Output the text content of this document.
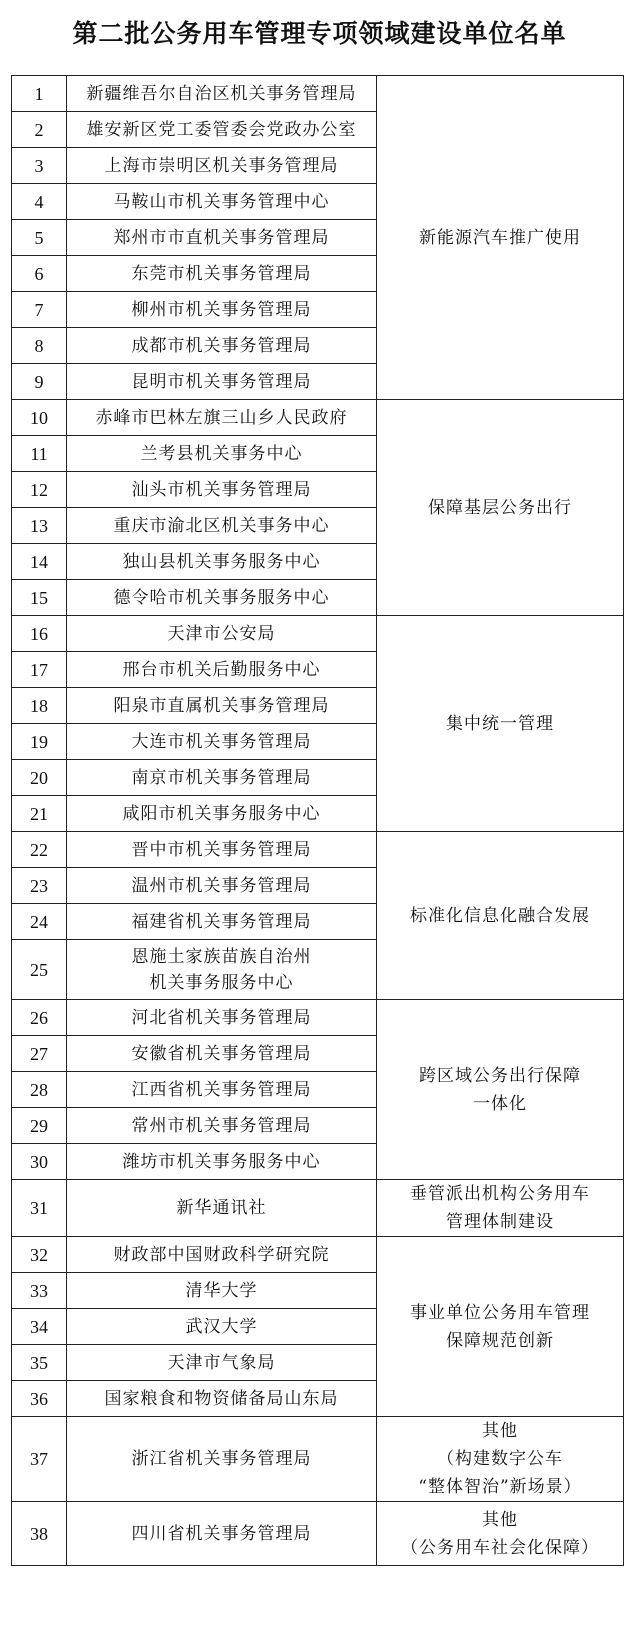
第二批公务用车管理专项领域建设单位名单
1	新疆维吾尔自治区机关事务管理局	新能源汽车推广使用

2	雄安新区党工委管委会党政办公室	

3	上海市崇明区机关事务管理局	

4	马鞍山市机关事务管理中心	

5	郑州市市直机关事务管理局	

6	东莞市机关事务管理局	

7	柳州市机关事务管理局	

8	成都市机关事务管理局	

9	昆明市机关事务管理局	

10	赤峰市巴林左旗三山乡人民政府	保障基层公务出行

11	兰考县机关事务中心	

12	汕头市机关事务管理局	

13	重庆市渝北区机关事务中心	

14	独山县机关事务服务中心	

15	德令哈市机关事务服务中心	

16	天津市公安局	集中统一管理

17	邢台市机关后勤服务中心	

18	阳泉市直属机关事务管理局	

19	大连市机关事务管理局	

20	南京市机关事务管理局	

21	咸阳市机关事务服务中心	

22	晋中市机关事务管理局	标准化信息化融合发展

23	温州市机关事务管理局	

24	福建省机关事务管理局	

25	恩施土家族苗族自治州
机关事务服务中心	

26	河北省机关事务管理局	跨区域公务出行保障
一体化

27	安徽省机关事务管理局	

28	江西省机关事务管理局	

29	常州市机关事务管理局	

30	潍坊市机关事务服务中心	

31	新华通讯社	垂管派出机构公务用车
管理体制建设

32	财政部中国财政科学研究院	事业单位公务用车管理
保障规范创新

33	清华大学	

34	武汉大学	

35	天津市气象局	

36	国家粮食和物资储备局山东局	

37	浙江省机关事务管理局	其他
（构建数字公车
“整体智治”新场景）

38	四川省机关事务管理局	其他
（公务用车社会化保障）
